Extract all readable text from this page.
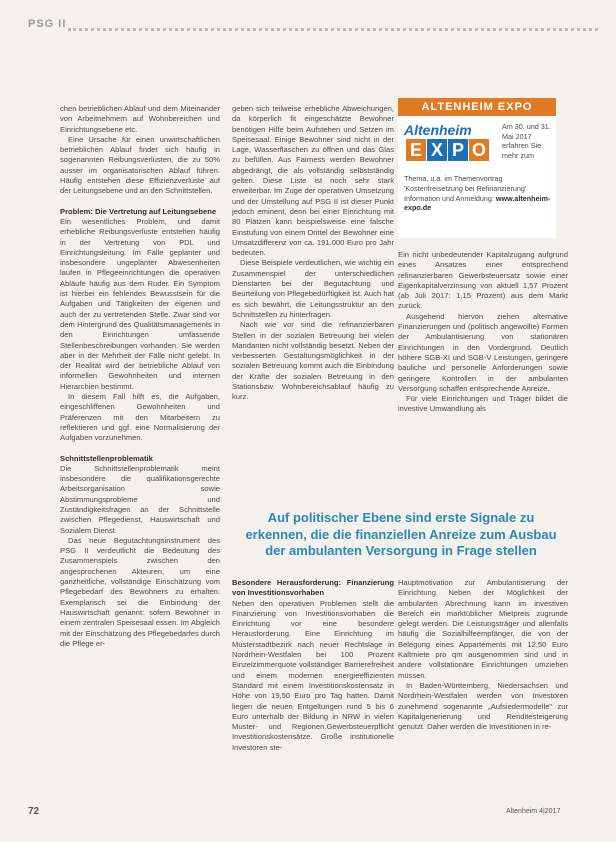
PSG II

chen betrieblichen Ablauf und dem Miteinander von Arbeitnehmern auf Wohnbereichen und Einrichtungsebene etc.

Eine Ursache für einen unwirtschaftlichen betrieblichen Ablauf findet sich häufig in sogenannten Reibungsverlusten, die zu 50% ausser im organisatorischen Ablauf führen. Häufig entstehen diese Effizienzverluste auf der Leitungsebene und an den Schnittstellen.

Problem: Die Vertretung auf Leitungsebene

Ein wesentliches Problem, und damit erhebliche Reibungsverluste entstehen häufig in der Vertretung von PDL und Einrichtungsleitung. Im Falle geplanter und insbesondere ungeplanter Abwesenheiten laufen in Pflegeeinrichtungen die operativen Abläufe häufig aus dem Ruder. Ein Symptom ist hierbei ein fehlendes Bewusstsein für die Aufgaben und Tätigkeiten der eigenen und auch der zu vertretenden Stelle. Zwar sind vor dem Hintergrund des Qualitätsmanagements in den Einrichtungen umfassende Stellenbeschreibungen vorhanden. Sie werden aber in der Mehrheit der Fälle nicht gelebt. In der Realität wird der betriebliche Ablauf von informellen Gewohnheiten und internen Hierarchien bestimmt.

In diesem Fall hilft es, die Aufgaben, eingeschliffenen Gewohnheiten und Präferenzen mit den Mitarbeitern zu reflektieren und ggf. eine Normalisierung der Aufgaben vorzunehmen.

Schnittstellenproblematik

Die Schnittstellenproblematik meint insbesondere die qualifikationsgerechte Arbeitsorganisation sowie Abstimmungsprobleme und Zuständigkeitsfragen an der Schnittstelle zwischen Pflegedienst, Hauswirtschaft und Sozialem Dienst.

Das neue Begutachtungsinstrument des PSG II verdeutlicht die Bedeutung des Zusammenspiels zwischen den angesprochenen Akteuren, um eine ganzheitliche, vollständige Einschätzung vom Pflegebedarf des Bewohners zu erhalten. Exemplarisch sei die Einbindung der Hauswirtschaft genannt: sofern Bewohner in einem zentralen Speisesaal essen. Im Abgleich mit der Einschätzung des Pflegebedarfes durch die Pflege er-

geben sich teilweise erhebliche Abweichungen, da körperlich fit eingeschätzte Bewohner benötigen Hilfe beim Aufstehen und Setzen im Speisesaal. Einige Bewohner sind nicht in der Lage, Wasserflaschen zu öffnen und das Glas zu befüllen. Aus Fairness werden Bewohner abgedrängt, die als vollständig selbstständig gelten. Diese Liste ist noch sehr stark erweiterbar. Im Zuge der operativen Umsetzung und der Umstellung auf PSG II ist dieser Punkt jedoch eminent, denn bei einer Einrichtung mit 80 Plätzen kann beispielsweise eine falsche Einstufung von einem Drittel der Bewohner eine Umsatzdifferenz von ca. 191.000 Euro pro Jahr bedeuten.

Diese Beispiele verdeutlichen, wie wichtig ein Zusammenspiel der unterschiedlichen Dienstarten bei der Begutachtung und Beurteilung von Pflegebedürftigkeit ist. Auch hat es sich bewährt, die Leitungsstruktur an den Schnittstellen zu hinterfragen.

Nach wie vor sind die refinanzierbaren Stellen in der sozialen Betreuung bei vielen Mandanten nicht vollständig besetzt. Neben der verbesserten Gestaltungsmöglichkeit in der sozialen Betreuung kommt auch die Einbindung der Kräfte der sozialen Betreuung in den Stationsbzw. Wohnbereichsablauf häufig zu kurz.

ALTENHEIM EXPO
Altenheim
E X P O
Am 30. und 31. Mai 2017 erfahren Sie mehr zum
Thema, u.a. im Themenvortrag 'Kostenfreisetzung bei Refinanzierung' Information und Anmeldung: www.altenheim-expo.de

Ein nicht unbedeutender Kapitalzugang aufgrund eines Ansatzes einer entsprechend refinanzierbaren Gewerbsteuersatz sowie einer Eigenkapitalverzinsung von aktuell 1,57 Prozent (ab Juli 2017: 1,15 Prozent) aus dem Markt zurück.

Ausgehend hiervon ziehen alternative Finanzierungen und (politisch angewollte) Formen der Ambulantisierung von stationären Einrichtungen in den Vordergrund. Deutlich höhere SGB-XI und SGB-V Leistungen, geringere bauliche und personelle Anforderungen sowie geringere Kontrollen in der ambulanten Versorgung schaffen entsprechende Anreize.

Für viele Einrichtungen und Träger bildet die investive Umwandlung als

Auf politischer Ebene sind erste Signale zu erkennen, die die finanziellen Anreize zum Ausbau der ambulanten Versorgung in Frage stellen
Besondere Herausforderung: Finanzierung von Investitionsvorhaben

Neben den operativen Problemen stellt die Finanzierung von Investitionsvorhaben die Einrichtung vor eine besondere Herausforderung. Eine Einrichtung im Musterstadtbezirk nach neuer Rechtslage in Nordrhein-Westfalen bei 100 Prozent Einzelzimmerquote vollständiger Barrierefreiheit und einem modernen energieeffizienten Standard mit einem Investitionskostensatz in Höhe von 19,50 Euro pro Tag hatten. Damit liegen die neuen Entgeltungen rund 5 bis 6 Euro unterhalb der Bildung in NRW in vielen Muster- und Regionen.Gewerbsteuerpflicht Investitionskostensätze. Große institutionelle Investoren ste-

Hauptmotivation zur Ambulantisierung der Einrichtung Neben der Möglichkeit der ambulanten Abrechnung kann im investiven Bereich ein marktüblicher Mietpreis zugrunde gelegt werden. Die Leistungsträger und allenfalls häufig die Sozialhilfeempfänger, die von der Belegung eines Appartements mit 12,50 Euro Kaltmiete pro qm ausgenommen sind und in andere vollstationäre Einrichtungen umziehen müssen.

In Baden-Württemberg, Niedersachsen und Nordrhein-Westfalen werden von Investoren zunehmend sogenannte „Aufsiedermodelle" zur Kapitalgenerierung und Renditesteigerung genutzt. Daher werden die Investitionen in re-

72	Altenheim 4|2017
